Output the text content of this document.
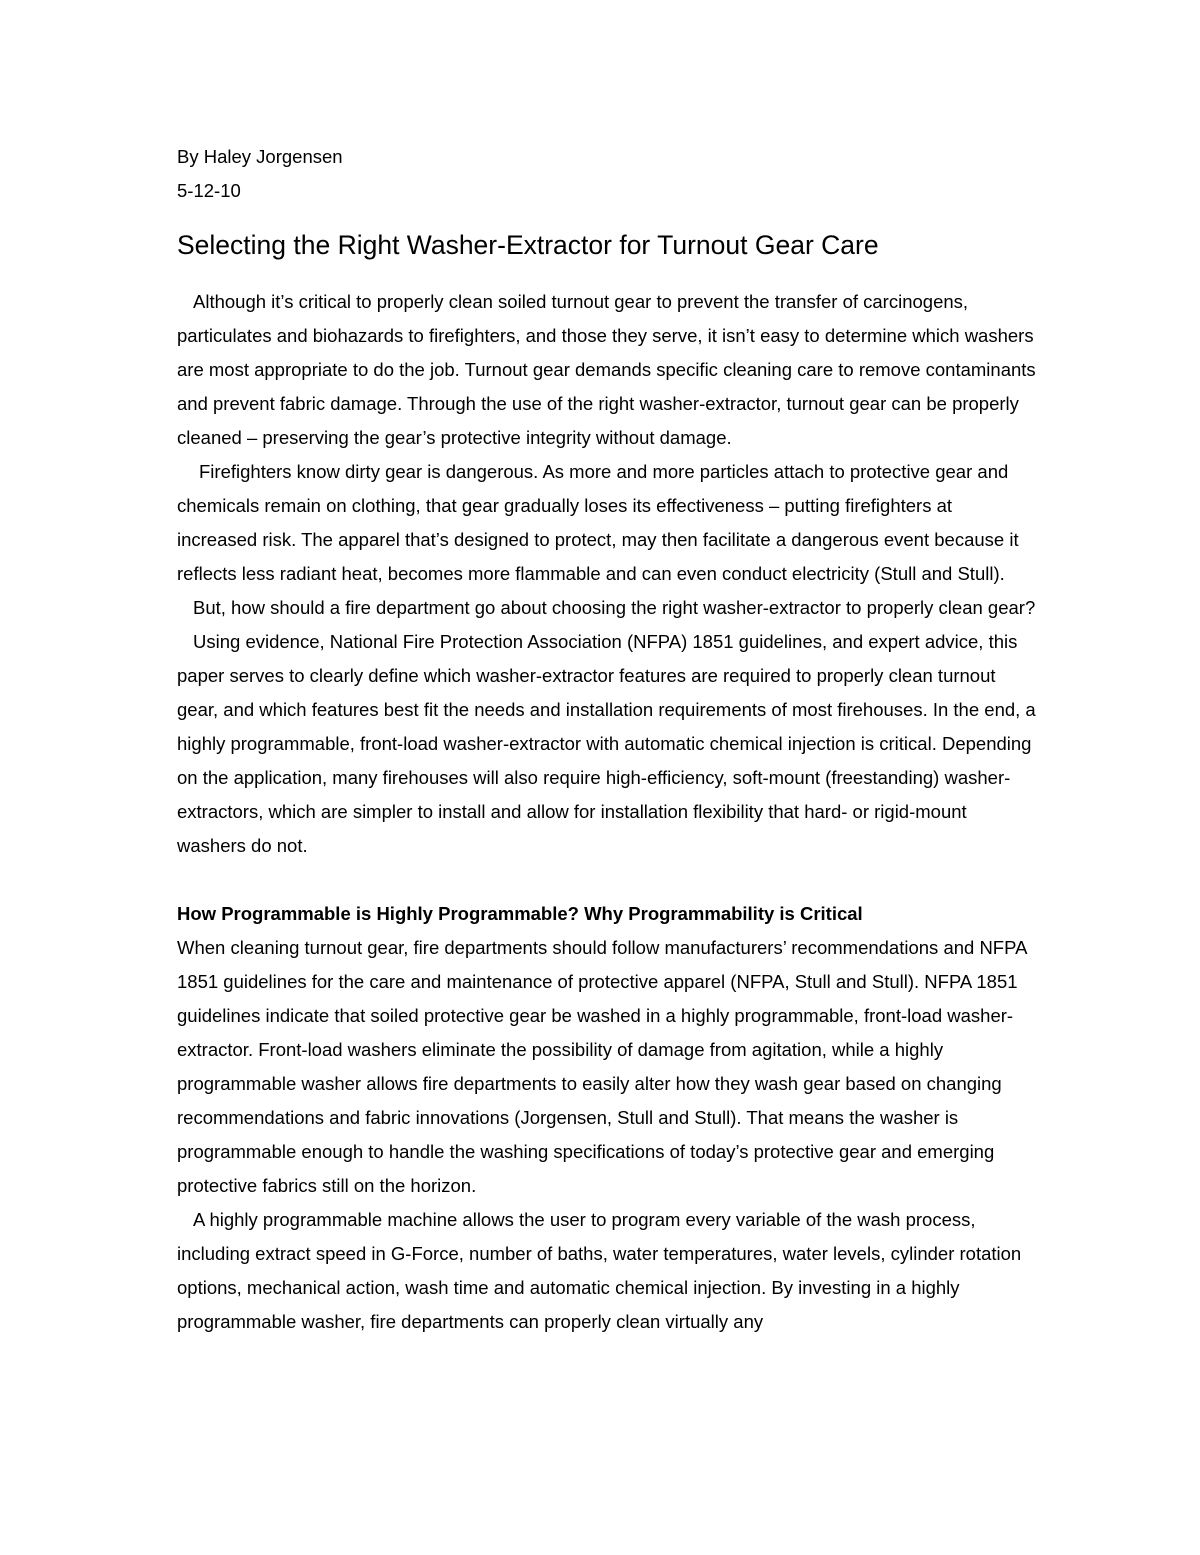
By Haley Jorgensen

5-12-10

Selecting the Right Washer-Extractor for Turnout Gear Care

Although it’s critical to properly clean soiled turnout gear to prevent the transfer of carcinogens, particulates and biohazards to firefighters, and those they serve, it isn’t easy to determine which washers are most appropriate to do the job. Turnout gear demands specific cleaning care to remove contaminants and prevent fabric damage. Through the use of the right washer-extractor, turnout gear can be properly cleaned – preserving the gear’s protective integrity without damage.

Firefighters know dirty gear is dangerous. As more and more particles attach to protective gear and chemicals remain on clothing, that gear gradually loses its effectiveness – putting firefighters at increased risk. The apparel that’s designed to protect, may then facilitate a dangerous event because it reflects less radiant heat, becomes more flammable and can even conduct electricity (Stull and Stull).

But, how should a fire department go about choosing the right washer-extractor to properly clean gear?

Using evidence, National Fire Protection Association (NFPA) 1851 guidelines, and expert advice, this paper serves to clearly define which washer-extractor features are required to properly clean turnout gear, and which features best fit the needs and installation requirements of most firehouses. In the end, a highly programmable, front-load washer-extractor with automatic chemical injection is critical. Depending on the application, many firehouses will also require high-efficiency, soft-mount (freestanding) washer-extractors, which are simpler to install and allow for installation flexibility that hard- or rigid-mount washers do not.

How Programmable is Highly Programmable? Why Programmability is Critical

When cleaning turnout gear, fire departments should follow manufacturers’ recommendations and NFPA 1851 guidelines for the care and maintenance of protective apparel (NFPA, Stull and Stull). NFPA 1851 guidelines indicate that soiled protective gear be washed in a highly programmable, front-load washer-extractor. Front-load washers eliminate the possibility of damage from agitation, while a highly programmable washer allows fire departments to easily alter how they wash gear based on changing recommendations and fabric innovations (Jorgensen, Stull and Stull). That means the washer is programmable enough to handle the washing specifications of today’s protective gear and emerging protective fabrics still on the horizon.

A highly programmable machine allows the user to program every variable of the wash process, including extract speed in G-Force, number of baths, water temperatures, water levels, cylinder rotation options, mechanical action, wash time and automatic chemical injection. By investing in a highly programmable washer, fire departments can properly clean virtually any
